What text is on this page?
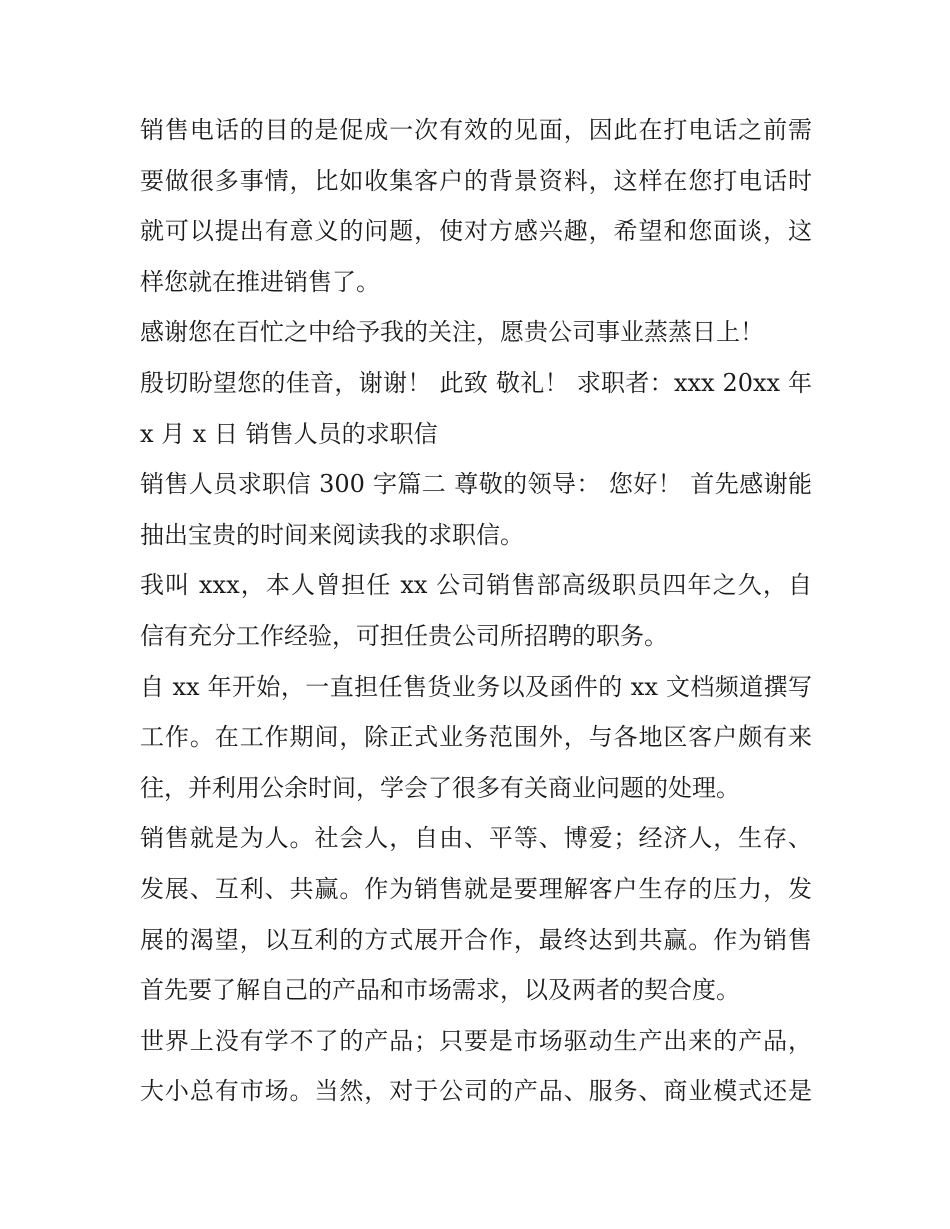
销售电话的目的是促成一次有效的见面，因此在打电话之前需
要做很多事情，比如收集客户的背景资料，这样在您打电话时
就可以提出有意义的问题，使对方感兴趣，希望和您面谈，这
样您就在推进销售了。
感谢您在百忙之中给予我的关注，愿贵公司事业蒸蒸日上！
殷切盼望您的佳音，谢谢！ 此致 敬礼！ 求职者：xxx 20xx 年
x 月 x 日 销售人员的求职信
销售人员求职信 300 字篇二 尊敬的领导： 您好！ 首先感谢能
抽出宝贵的时间来阅读我的求职信。
我叫 xxx，本人曾担任 xx 公司销售部高级职员四年之久，自
信有充分工作经验，可担任贵公司所招聘的职务。
自 xx 年开始，一直担任售货业务以及函件的 xx 文档频道撰写
工作。在工作期间，除正式业务范围外，与各地区客户颇有来
往，并利用公余时间，学会了很多有关商业问题的处理。
销售就是为人。社会人，自由、平等、博爱；经济人，生存、
发展、互利、共赢。作为销售就是要理解客户生存的压力，发
展的渴望，以互利的方式展开合作，最终达到共赢。作为销售
首先要了解自己的产品和市场需求，以及两者的契合度。
世界上没有学不了的产品；只要是市场驱动生产出来的产品，
大小总有市场。当然，对于公司的产品、服务、商业模式还是
